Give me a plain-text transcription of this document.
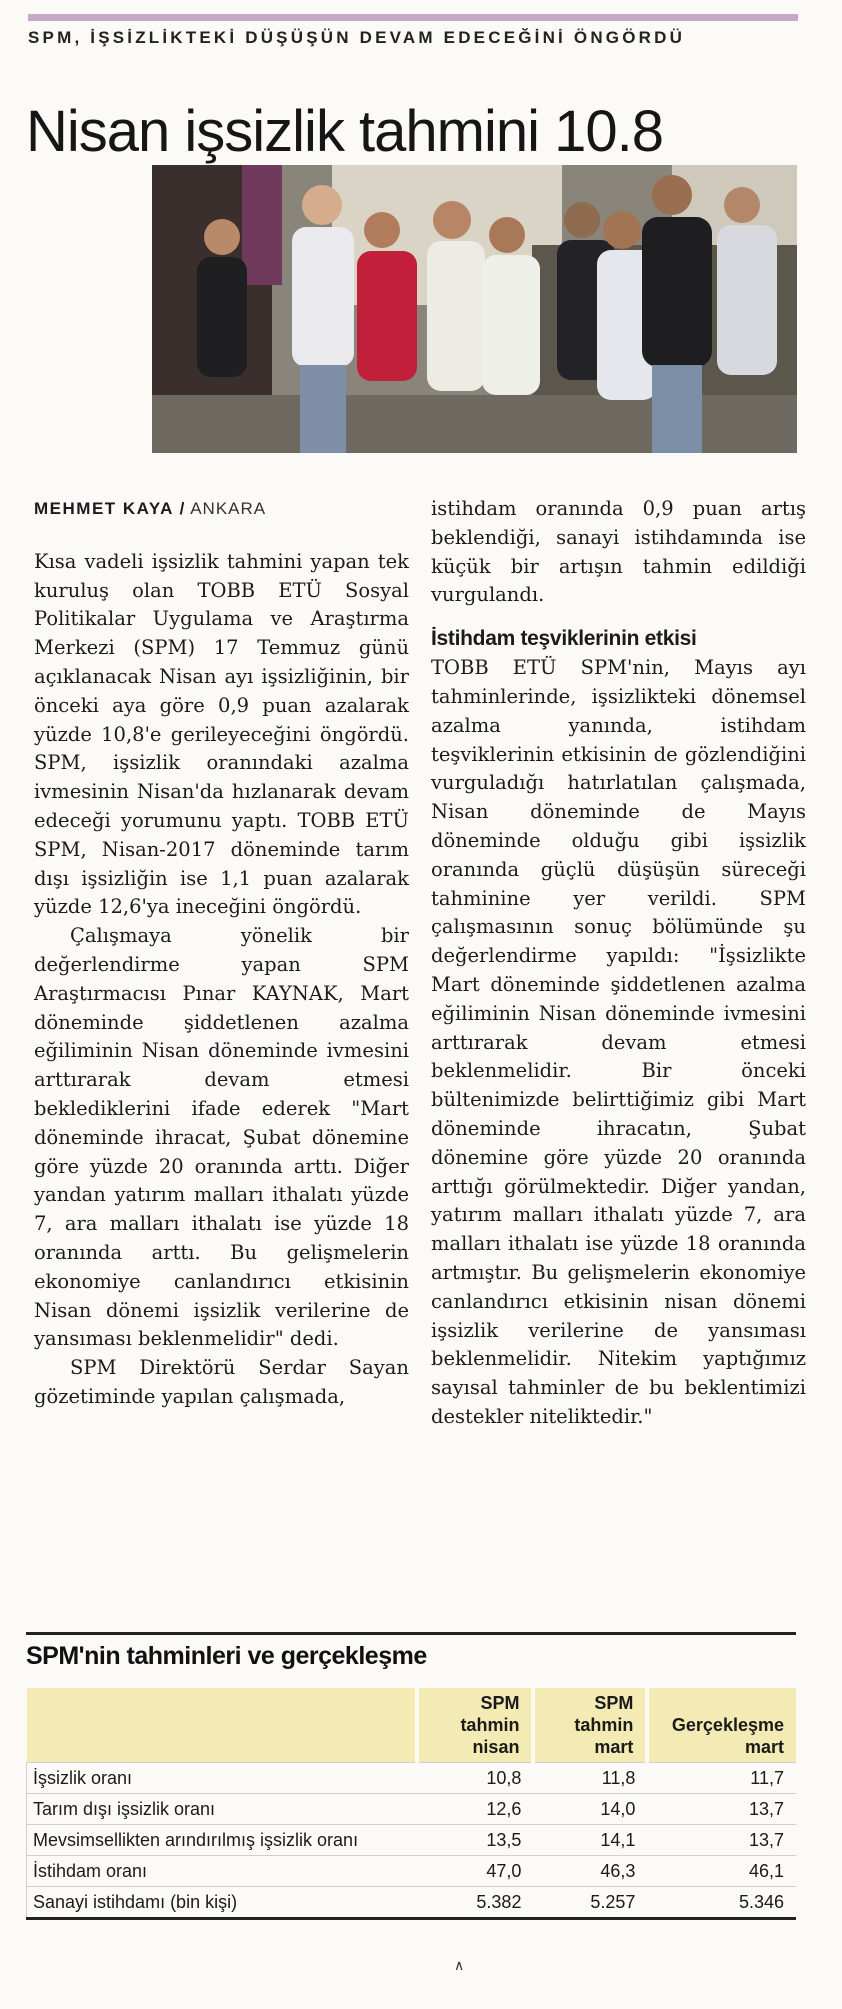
SPM, İŞSİZLİKTEKİ DÜŞÜŞÜN DEVAM EDECEĞİNİ ÖNGÖRDÜ
Nisan işsizlik tahmini 10.8

MEHMET KAYA / ANKARA

Kısa vadeli işsizlik tahmini yapan tek kuruluş olan TOBB ETÜ Sosyal Politikalar Uygulama ve Araştırma Merkezi (SPM) 17 Temmuz günü açıklanacak Nisan ayı işsizliğinin, bir önceki aya göre 0,9 puan azalarak yüzde 10,8'e gerileyeceğini öngördü. SPM, işsizlik oranındaki azalma ivmesinin Nisan'da hızlanarak devam edeceği yorumunu yaptı. TOBB ETÜ SPM, Nisan-2017 döneminde tarım dışı işsizliğin ise 1,1 puan azalarak yüzde 12,6'ya ineceğini öngördü.

Çalışmaya yönelik bir değerlendirme yapan SPM Araştırmacısı Pınar KAYNAK, Mart döneminde şiddetlenen azalma eğiliminin Nisan döneminde ivmesini arttırarak devam etmesi beklediklerini ifade ederek "Mart döneminde ihracat, Şubat dönemine göre yüzde 20 oranında arttı. Diğer yandan yatırım malları ithalatı yüzde 7, ara malları ithalatı ise yüzde 18 oranında arttı. Bu gelişmelerin ekonomiye canlandırıcı etkisinin Nisan dönemi işsizlik verilerine de yansıması beklenmelidir" dedi.

SPM Direktörü Serdar Sayan gözetiminde yapılan çalışmada,

istihdam oranında 0,9 puan artış beklendiği, sanayi istihdamında ise küçük bir artışın tahmin edildiği vurgulandı.

İstihdam teşviklerinin etkisi

TOBB ETÜ SPM'nin, Mayıs ayı tahminlerinde, işsizlikteki dönemsel azalma yanında, istihdam teşviklerinin etkisinin de gözlendiğini vurguladığı hatırlatılan çalışmada, Nisan döneminde de Mayıs döneminde olduğu gibi işsizlik oranında güçlü düşüşün süreceği tahminine yer verildi. SPM çalışmasının sonuç bölümünde şu değerlendirme yapıldı: "İşsizlikte Mart döneminde şiddetlenen azalma eğiliminin Nisan döneminde ivmesini arttırarak devam etmesi beklenmelidir. Bir önceki bültenimizde belirttiğimiz gibi Mart döneminde ihracatın, Şubat dönemine göre yüzde 20 oranında arttığı görülmektedir. Diğer yandan, yatırım malları ithalatı yüzde 7, ara malları ithalatı ise yüzde 18 oranında artmıştır. Bu gelişmelerin ekonomiye canlandırıcı etkisinin nisan dönemi işsizlik verilerine de yansıması beklenmelidir. Nitekim yaptığımız sayısal tahminler de bu beklentimizi destekler niteliktedir."

SPM'nin tahminleri ve gerçekleşme
	SPM tahmin nisan	SPM tahmin mart	Gerçekleşme mart
İşsizlik oranı	10,8	11,8	11,7
Tarım dışı işsizlik oranı	12,6	14,0	13,7
Mevsimsellikten arındırılmış işsizlik oranı	13,5	14,1	13,7
İstihdam oranı	47,0	46,3	46,1
Sanayi istihdamı (bin kişi)	5.382	5.257	5.346
∧
